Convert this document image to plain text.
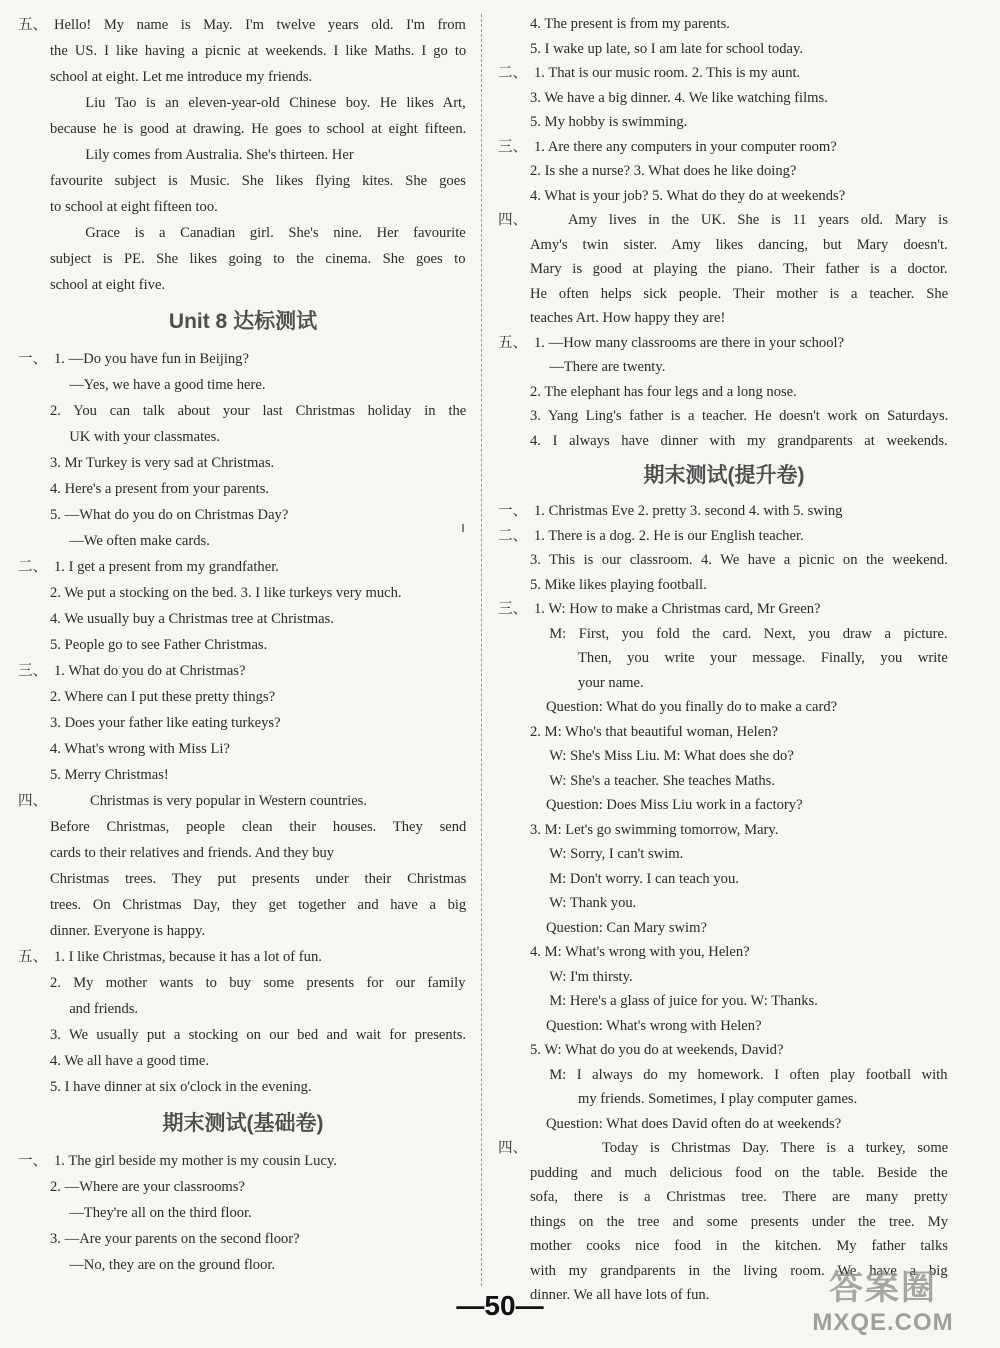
五、 Hello! My name is May. I'm twelve years old. I'm from
the US. I like having a picnic at weekends. I like Maths. I go to
school at eight. Let me introduce my friends.
Liu Tao is an eleven-year-old Chinese boy. He likes Art,
because he is good at drawing. He goes to school at eight fifteen.
Lily comes from Australia. She's thirteen. Her
favourite subject is Music. She likes flying kites. She goes
to school at eight fifteen too.
Grace is a Canadian girl. She's nine. Her favourite
subject is PE. She likes going to the cinema. She goes to
school at eight five.
Unit 8 达标测试
一、 1. —Do you have fun in Beijing?
—Yes, we have a good time here.
2. You can talk about your last Christmas holiday in the
UK with your classmates.
3. Mr Turkey is very sad at Christmas.
4. Here's a present from your parents.
5. —What do you do on Christmas Day?
—We often make cards.
二、 1. I get a present from my grandfather.
2. We put a stocking on the bed. 3. I like turkeys very much.
4. We usually buy a Christmas tree at Christmas.
5. People go to see Father Christmas.
三、 1. What do you do at Christmas?
2. Where can I put these pretty things?
3. Does your father like eating turkeys?
4. What's wrong with Miss Li?
5. Merry Christmas!
四、	Christmas is very popular in Western countries.
Before Christmas, people clean their houses. They send
cards to their relatives and friends. And they buy
Christmas trees. They put presents under their Christmas
trees. On Christmas Day, they get together and have a big
dinner. Everyone is happy.
五、 1. I like Christmas, because it has a lot of fun.
2. My mother wants to buy some presents for our family
and friends.
3. We usually put a stocking on our bed and wait for presents.
4. We all have a good time.
5. I have dinner at six o'clock in the evening.
期末测试(基础卷)
一、 1. The girl beside my mother is my cousin Lucy.
2. —Where are your classrooms?
—They're all on the third floor.
3. —Are your parents on the second floor?
—No, they are on the ground floor.
4. The present is from my parents.
5. I wake up late, so I am late for school today.
二、 1. That is our music room. 2. This is my aunt.
3. We have a big dinner. 4. We like watching films.
5. My hobby is swimming.
三、 1. Are there any computers in your computer room?
2. Is she a nurse? 3. What does he like doing?
4. What is your job? 5. What do they do at weekends?
四、	Amy lives in the UK. She is 11 years old. Mary is
Amy's twin sister. Amy likes dancing, but Mary doesn't.
Mary is good at playing the piano. Their father is a doctor.
He often helps sick people. Their mother is a teacher. She
teaches Art. How happy they are!
五、 1. —How many classrooms are there in your school?
—There are twenty.
2. The elephant has four legs and a long nose.
3. Yang Ling's father is a teacher. He doesn't work on Saturdays.
4. I always have dinner with my grandparents at weekends.
期末测试(提升卷)
一、 1. Christmas Eve 2. pretty 3. second 4. with 5. swing
二、 1. There is a dog. 2. He is our English teacher.
3. This is our classroom. 4. We have a picnic on the weekend.
5. Mike likes playing football.
三、 1. W: How to make a Christmas card, Mr Green?
M: First, you fold the card. Next, you draw a picture.
Then, you write your message. Finally, you write
your name.
Question: What do you finally do to make a card?
2. M: Who's that beautiful woman, Helen?
W: She's Miss Liu. M: What does she do?
W: She's a teacher. She teaches Maths.
Question: Does Miss Liu work in a factory?
3. M: Let's go swimming tomorrow, Mary.
W: Sorry, I can't swim.
M: Don't worry. I can teach you.
W: Thank you.
Question: Can Mary swim?
4. M: What's wrong with you, Helen?
W: I'm thirsty.
M: Here's a glass of juice for you. W: Thanks.
Question: What's wrong with Helen?
5. W: What do you do at weekends, David?
M: I always do my homework. I often play football with
my friends. Sometimes, I play computer games.
Question: What does David often do at weekends?
四、	Today is Christmas Day. There is a turkey, some
pudding and much delicious food on the table. Beside the
sofa, there is a Christmas tree. There are many pretty
things on the tree and some presents under the tree. My
mother cooks nice food in the kitchen. My father talks
with my grandparents in the living room. We have a big
dinner. We all have lots of fun.
—50—	答案圈
MXQE.COM
